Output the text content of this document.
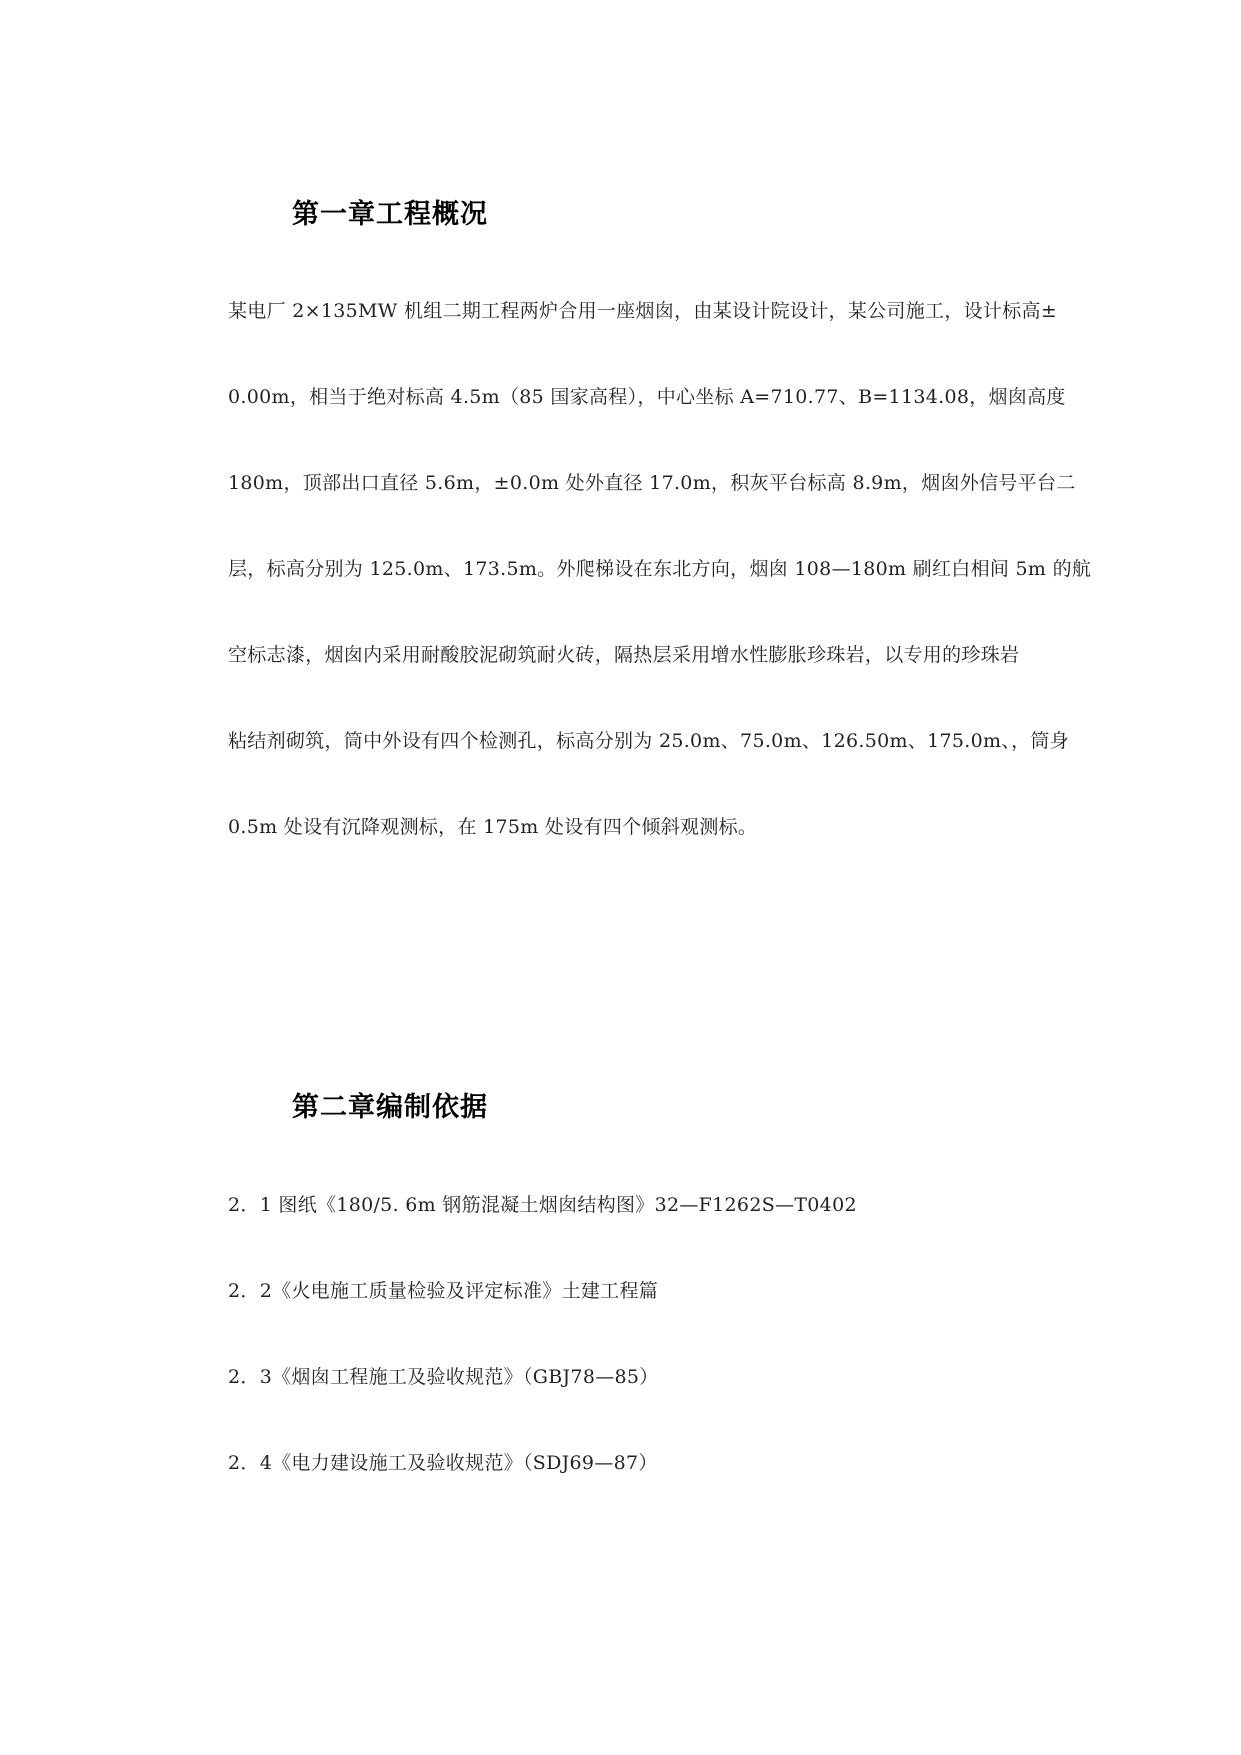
第一章工程概况
某电厂 2×135MW 机组二期工程两炉合用一座烟囱，由某设计院设计，某公司施工，设计标高±
0.00m，相当于绝对标高 4.5m（85 国家高程），中心坐标 A=710.77、B=1134.08，烟囱高度
180m，顶部出口直径 5.6m，±0.0m 处外直径 17.0m，积灰平台标高 8.9m，烟囱外信号平台二
层，标高分别为 125.0m、173.5m。外爬梯设在东北方向，烟囱 108—180m 刷红白相间 5m 的航
空标志漆，烟囱内采用耐酸胶泥砌筑耐火砖，隔热层采用增水性膨胀珍珠岩，以专用的珍珠岩
粘结剂砌筑，筒中外设有四个检测孔，标高分别为 25.0m、75.0m、126.50m、175.0m、，筒身
0.5m 处设有沉降观测标，在 175m 处设有四个倾斜观测标。
第二章编制依据
2．1 图纸《180/5. 6m 钢筋混凝土烟囱结构图》32—F1262S—T0402
2．2《火电施工质量检验及评定标准》土建工程篇
2．3《烟囱工程施工及验收规范》（GBJ78—85）
2．4《电力建设施工及验收规范》（SDJ69—87）
